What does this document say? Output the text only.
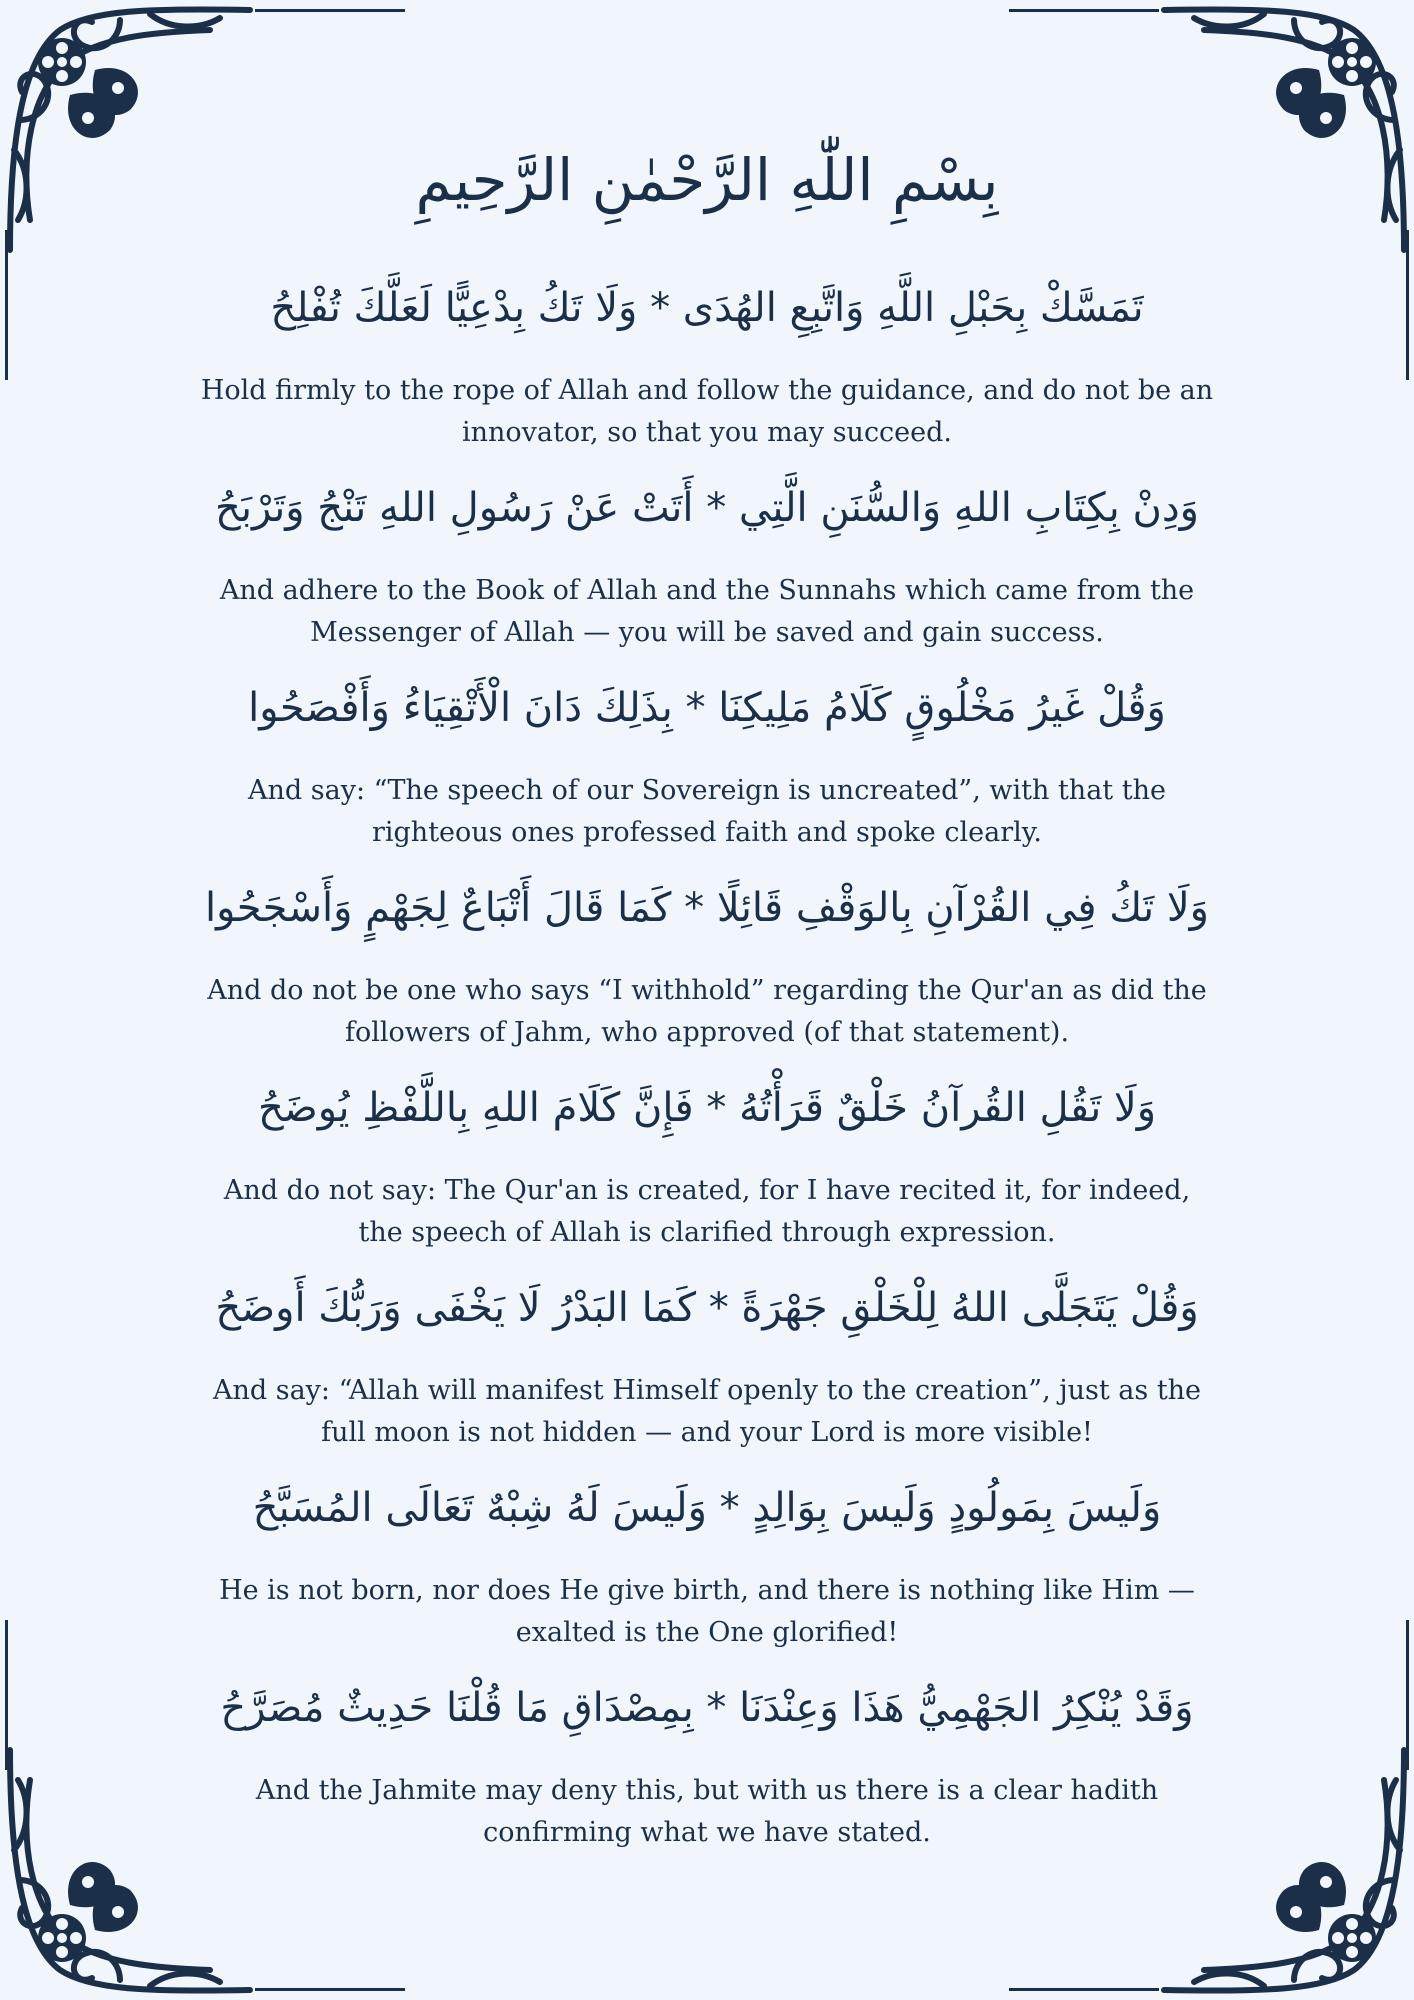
بِسْمِ اللّٰهِ الرَّحْمٰنِ الرَّحِيمِ
تَمَسَّكْ بِحَبْلِ اللَّهِ وَاتَّبِعِ الهُدَى * وَلَا تَكُ بِدْعِيًّا لَعَلَّكَ تُفْلِحُ
Hold firmly to the rope of Allah and follow the guidance, and do not be an innovator, so that you may succeed.
وَدِنْ بِكِتَابِ اللهِ وَالسُّنَنِ الَّتِي * أَتَتْ عَنْ رَسُولِ اللهِ تَنْجُ وَتَرْبَحُ
And adhere to the Book of Allah and the Sunnahs which came from the Messenger of Allah — you will be saved and gain success.
وَقُلْ غَيرُ مَخْلُوقٍ كَلَامُ مَلِيكِنَا * بِذَلِكَ دَانَ الْأَتْقِيَاءُ وَأَفْصَحُوا
And say: “The speech of our Sovereign is uncreated”, with that the righteous ones professed faith and spoke clearly.
وَلَا تَكُ فِي القُرْآنِ بِالوَقْفِ قَائِلًا * كَمَا قَالَ أَتْبَاعٌ لِجَهْمٍ وَأَسْجَحُوا
And do not be one who says “I withhold” regarding the Qur'an as did the followers of Jahm, who approved (of that statement).
وَلَا تَقُلِ القُرآنُ خَلْقٌ قَرَأْتُهُ * فَإِنَّ كَلَامَ اللهِ بِاللَّفْظِ يُوضَحُ
And do not say: The Qur'an is created, for I have recited it, for indeed, the speech of Allah is clarified through expression.
وَقُلْ يَتَجَلَّى اللهُ لِلْخَلْقِ جَهْرَةً * كَمَا البَدْرُ لَا يَخْفَى وَرَبُّكَ أَوضَحُ
And say: “Allah will manifest Himself openly to the creation”, just as the full moon is not hidden — and your Lord is more visible!
وَلَيسَ بِمَولُودٍ وَلَيسَ بِوَالِدٍ * وَلَيسَ لَهُ شِبْهٌ تَعَالَى المُسَبَّحُ
He is not born, nor does He give birth, and there is nothing like Him — exalted is the One glorified!
وَقَدْ يُنْكِرُ الجَهْمِيُّ هَذَا وَعِنْدَنَا * بِمِصْدَاقِ مَا قُلْنَا حَدِيثٌ مُصَرَّحُ
And the Jahmite may deny this, but with us there is a clear hadith confirming what we have stated.
